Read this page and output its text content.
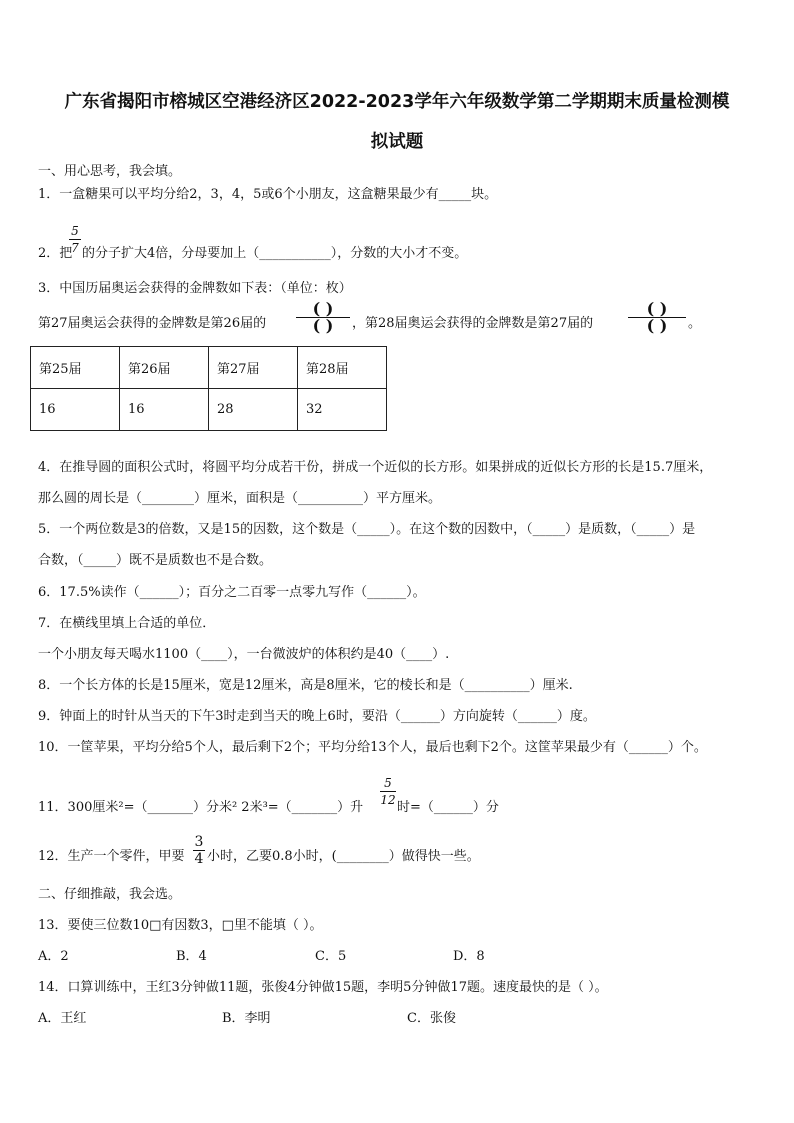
广东省揭阳市榕城区空港经济区2022-2023学年六年级数学第二学期期末质量检测模
拟试题
一、用心思考，我会填。
1．一盒糖果可以平均分给2，3，4，5或6个小朋友，这盒糖果最少有_____块。
2．把
5
7 的分子扩大4倍，分母要加上（___________），分数的大小才不变。
3．中国历届奥运会获得的金牌数如下表：（单位：枚）
第27届奥运会获得的金牌数是第26届的
( )
( )	，第28届奥运会获得的金牌数是第27届的
( )
( )	。
第25届	第26届	第27届	第28届
16	16	28	32
4．在推导圆的面积公式时，将圆平均分成若干份，拼成一个近似的长方形。如果拼成的近似长方形的长是15.7厘米，
那么圆的周长是（________）厘米，面积是（__________）平方厘米。
5．一个两位数是3的倍数，又是15的因数，这个数是（_____）。在这个数的因数中，（_____）是质数，（_____）是
合数，（_____）既不是质数也不是合数。
6．17.5%读作（______）；百分之二百零一点零九写作（______）。
7．在横线里填上合适的单位．
一个小朋友每天喝水1100（____），一台微波炉的体积约是40（____）.
8．一个长方体的长是15厘米，宽是12厘米，高是8厘米，它的棱长和是（__________）厘米.
9．钟面上的时针从当天的下午3时走到当天的晚上6时，要沿（______）方向旋转（______）度。
10．一筐苹果，平均分给5个人，最后剩下2个；平均分给13个人，最后也剩下2个。这筐苹果最少有（______）个。
11．300厘米²=（_______）分米² 2米³=（_______）升
5
12 时=（______）分
12．生产一个零件，甲要
3
4 小时，乙要0.8小时，(________）做得快一些。
二、仔细推敲，我会选。
13．要使三位数10□有因数3，□里不能填（ ）。
A．2	B．4	C．5	D．8
14．口算训练中，王红3分钟做11题，张俊4分钟做15题，李明5分钟做17题。速度最快的是（ ）。
A．王红	B．李明	C．张俊
